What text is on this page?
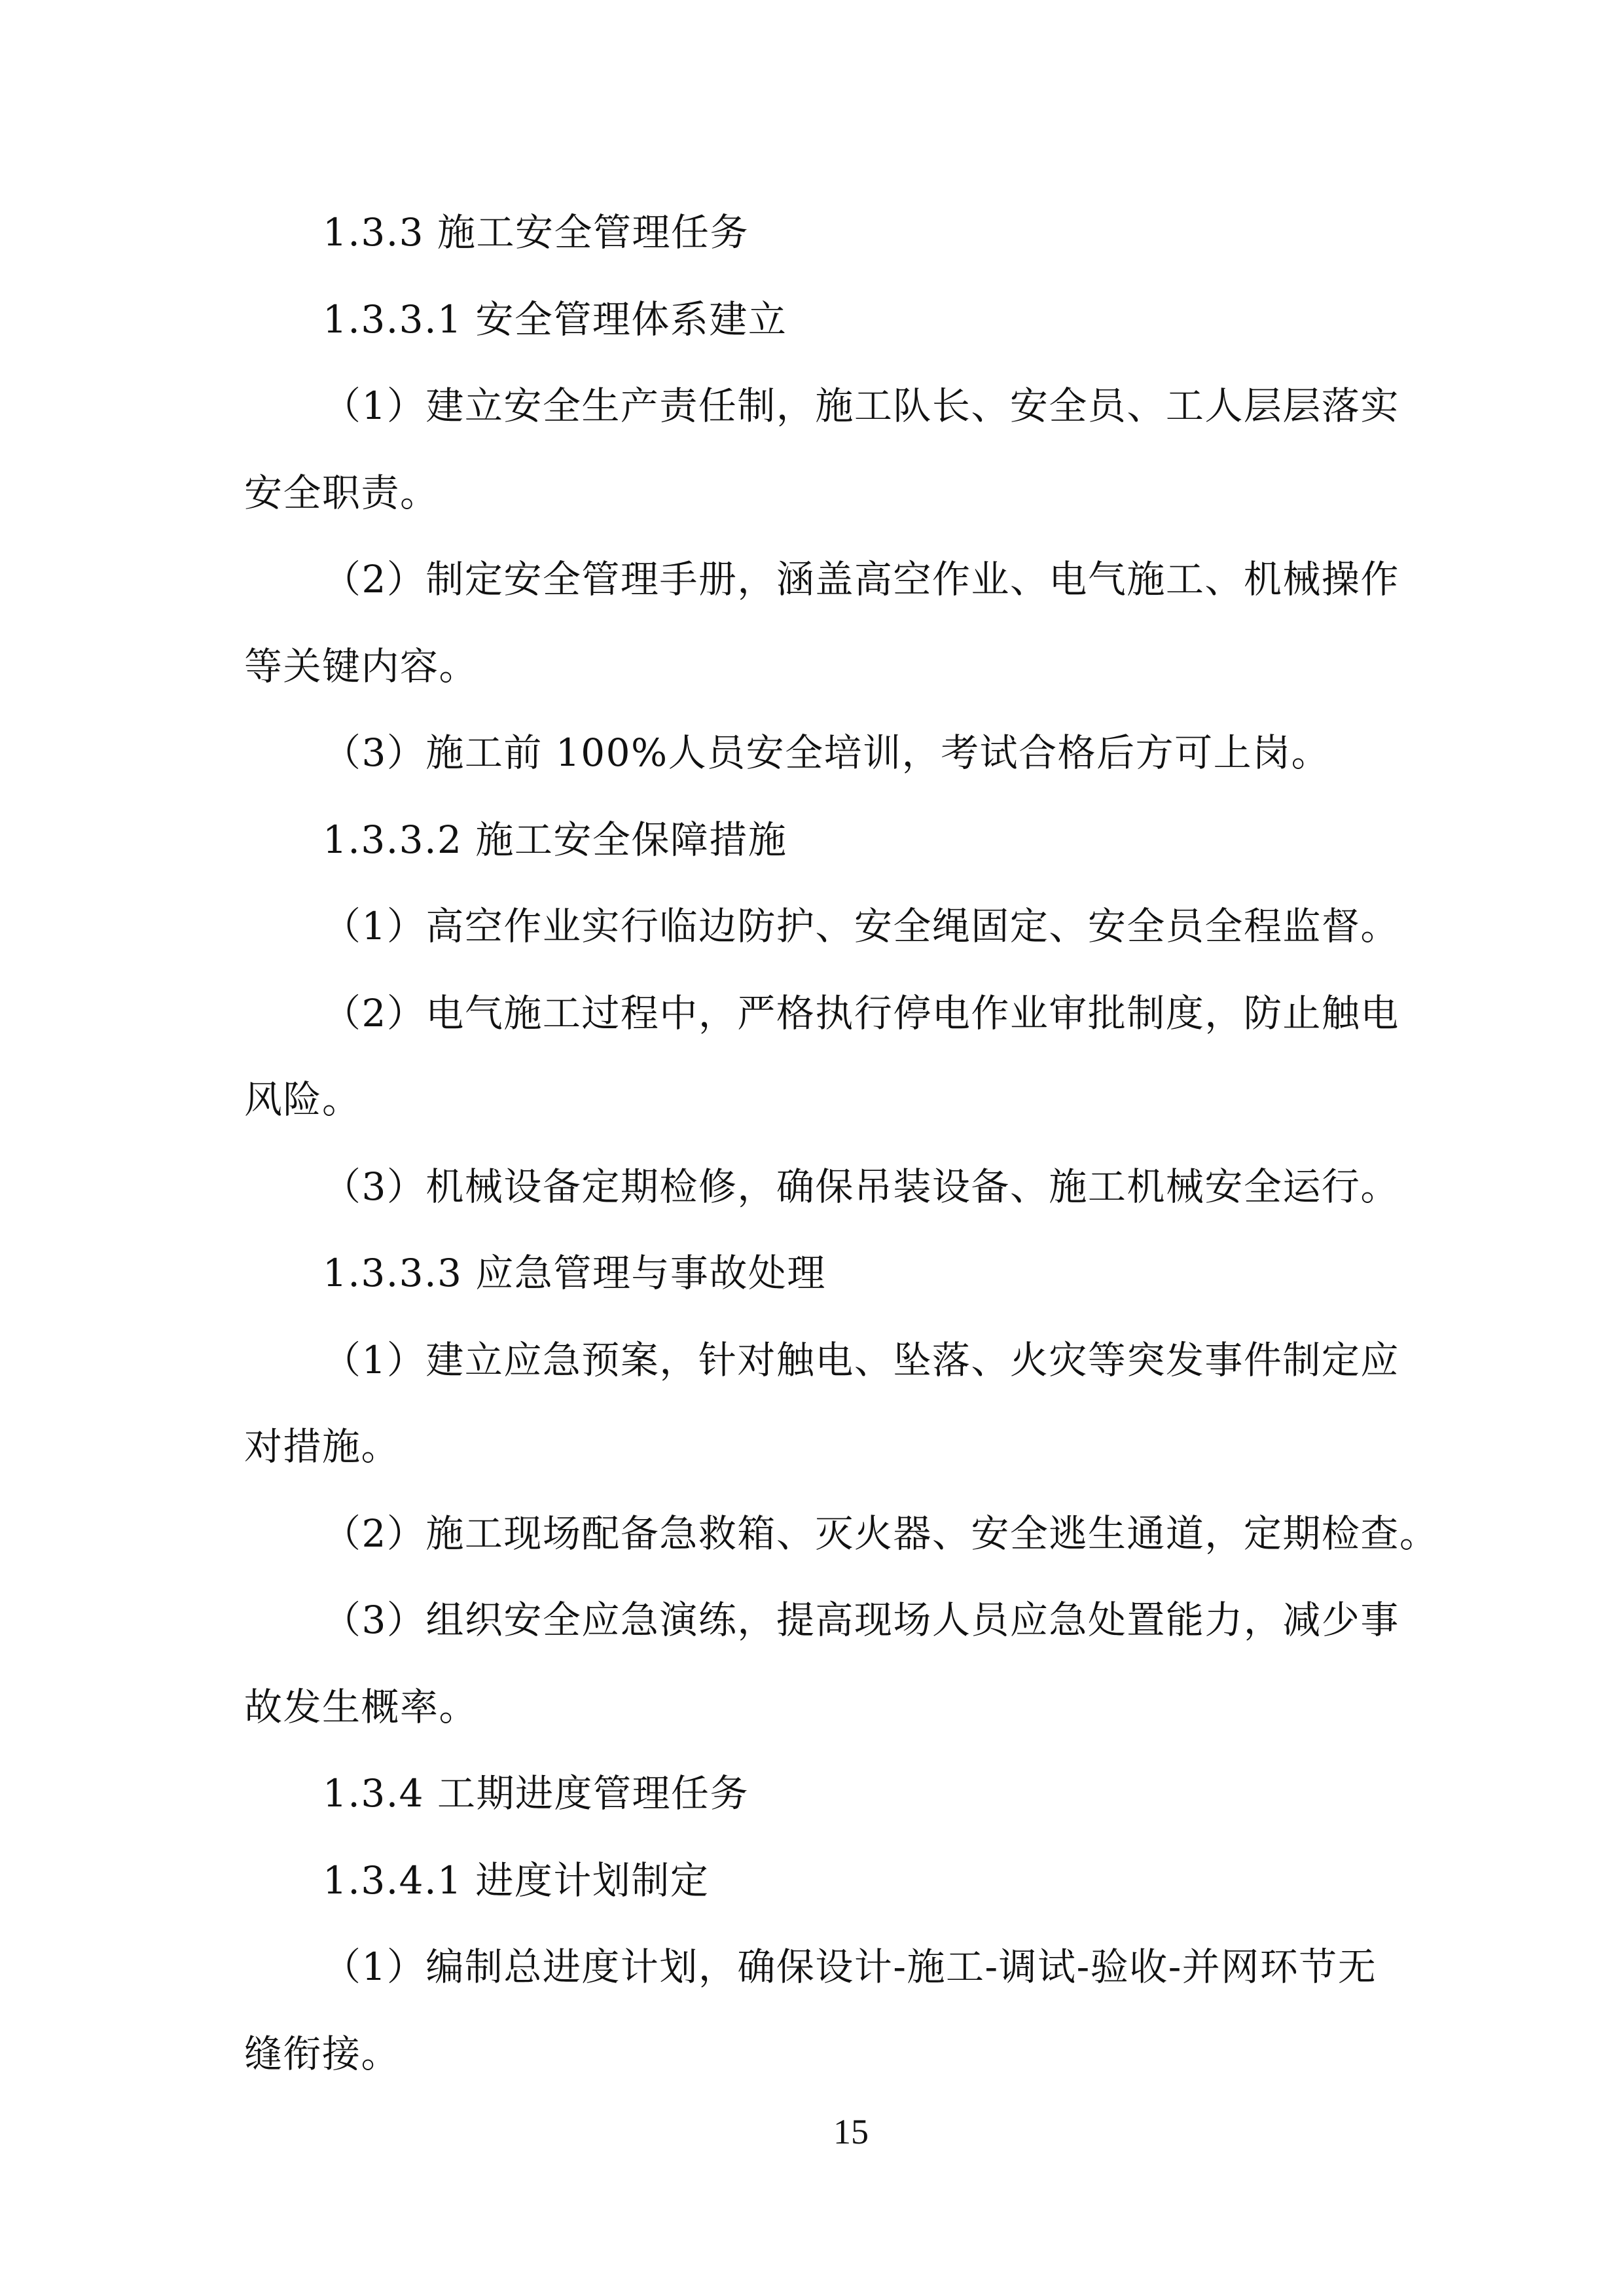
1.3.3 施工安全管理任务
1.3.3.1 安全管理体系建立
（1）建立安全生产责任制，施工队长、安全员、工人层层落实
安全职责。
（2）制定安全管理手册，涵盖高空作业、电气施工、机械操作
等关键内容。
（3）施工前 100%人员安全培训，考试合格后方可上岗。
1.3.3.2 施工安全保障措施
（1）高空作业实行临边防护、安全绳固定、安全员全程监督。
（2）电气施工过程中，严格执行停电作业审批制度，防止触电
风险。
（3）机械设备定期检修，确保吊装设备、施工机械安全运行。
1.3.3.3 应急管理与事故处理
（1）建立应急预案，针对触电、坠落、火灾等突发事件制定应
对措施。
（2）施工现场配备急救箱、灭火器、安全逃生通道，定期检查。
（3）组织安全应急演练，提高现场人员应急处置能力，减少事
故发生概率。
1.3.4 工期进度管理任务
1.3.4.1 进度计划制定
（1）编制总进度计划，确保设计-施工-调试-验收-并网环节无
缝衔接。
15
